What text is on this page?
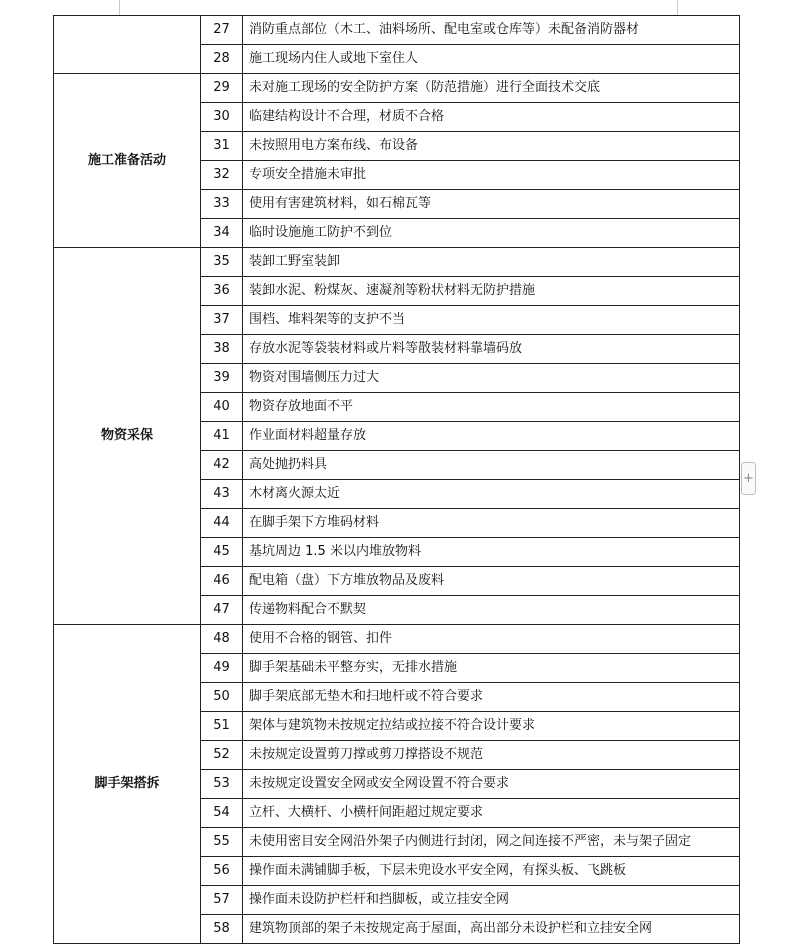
	27	消防重点部位（木工、油料场所、配电室或仓库等）未配备消防器材
	28	施工现场内住人或地下室住人
施工准备活动	29	未对施工现场的安全防护方案（防范措施）进行全面技术交底
	30	临建结构设计不合理，材质不合格
	31	未按照用电方案布线、布设备
	32	专项安全措施未审批
	33	使用有害建筑材料，如石棉瓦等
	34	临时设施施工防护不到位
物资采保	35	装卸工野室装卸
	36	装卸水泥、粉煤灰、速凝剂等粉状材料无防护措施
	37	围档、堆料架等的支护不当
	38	存放水泥等袋装材料或片料等散装材料靠墙码放
	39	物资对围墙侧压力过大
	40	物资存放地面不平
	41	作业面材料超量存放
	42	高处抛扔料具
	43	木材离火源太近
	44	在脚手架下方堆码材料
	45	基坑周边 1.5 米以内堆放物料
	46	配电箱（盘）下方堆放物品及废料
	47	传递物料配合不默契
脚手架搭拆	48	使用不合格的钢管、扣件
	49	脚手架基础未平整夯实，无排水措施
	50	脚手架底部无垫木和扫地杆或不符合要求
	51	架体与建筑物未按规定拉结或拉接不符合设计要求
	52	未按规定设置剪刀撑或剪刀撑搭设不规范
	53	未按规定设置安全网或安全网设置不符合要求
	54	立杆、大横杆、小横杆间距超过规定要求
	55	未使用密目安全网沿外架子内侧进行封闭，网之间连接不严密，未与架子固定
	56	操作面未满铺脚手板，下层未兜设水平安全网，有探头板、飞跳板
	57	操作面未设防护栏杆和挡脚板，或立挂安全网
	58	建筑物顶部的架子未按规定高于屋面，高出部分未设护栏和立挂安全网
+
